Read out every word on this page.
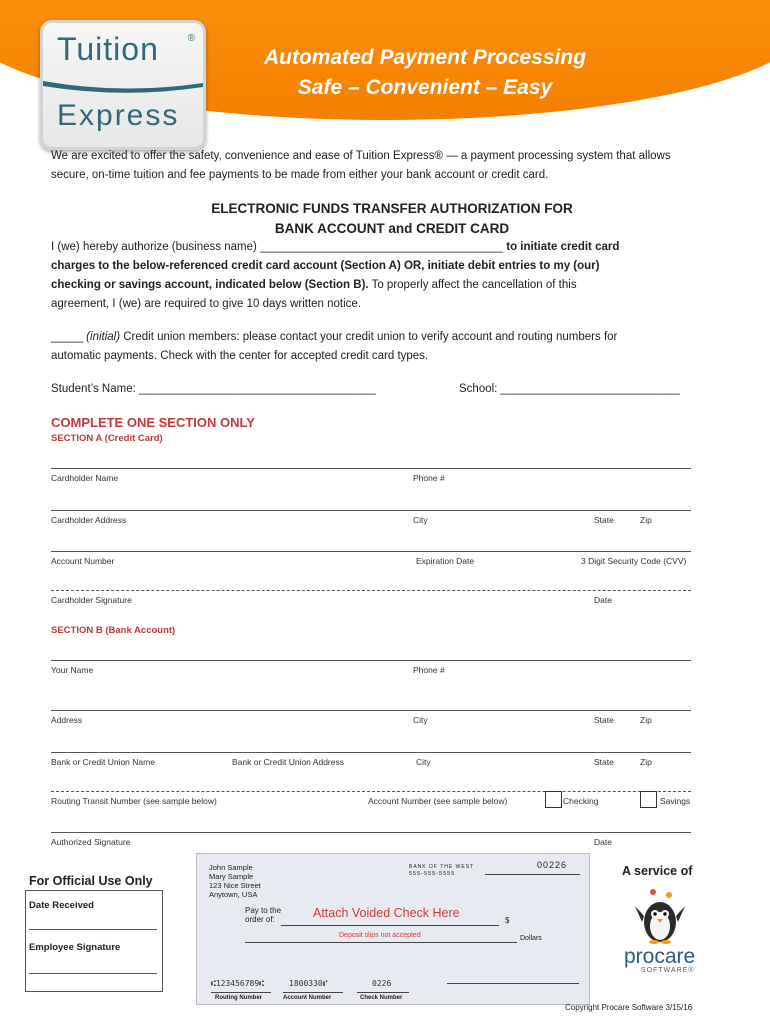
Automated Payment Processing
Safe – Convenient – Easy
Tuition	®
Express
We are excited to offer the safety, convenience and ease of Tuition Express® — a payment processing system that allows
secure, on-time tuition and fee payments to be made from either your bank account or credit card.
ELECTRONIC FUNDS TRANSFER AUTHORIZATION FOR
BANK ACCOUNT and CREDIT CARD
I (we) hereby authorize (business name) ______________________________________ to initiate credit card
charges to the below-referenced credit card account (Section A) OR, initiate debit entries to my (our)
checking or savings account, indicated below (Section B). To properly affect the cancellation of this
agreement, I (we) are required to give 10 days written notice.
_____ (initial) Credit union members: please contact your credit union to verify account and routing numbers for
automatic payments. Check with the center for accepted credit card types.
Student’s Name: _____________________________________	School: ____________________________
COMPLETE ONE SECTION ONLY
SECTION A (Credit Card)
Cardholder Name	Phone #
Cardholder Address	City	State	Zip
Account Number	Expiration Date	3 Digit Security Code (CVV)
Cardholder Signature	Date
SECTION B (Bank Account)
Your Name	Phone #
Address	City	State	Zip
Bank or Credit Union Name	Bank or Credit Union Address	City	State	Zip
Routing Transit Number (see sample below)	Account Number (see sample below)	Checking	Savings
Authorized Signature	Date
For Official Use Only
Date Received
Employee Signature
John Sample
Mary Sample
123 Nice Street
Anytown, USA
BANK OF THE WEST
555-555-5555
00226
Pay to the
order of:	Attach Voided Check Here
$
Deposit slips not accepted	Dollars
⑆123456789⑆	1800330⑈	0226
Routing Number	Account Number	Check Number
A service of
procare
SOFTWARE®
Copyright Procare Software 3/15/16
